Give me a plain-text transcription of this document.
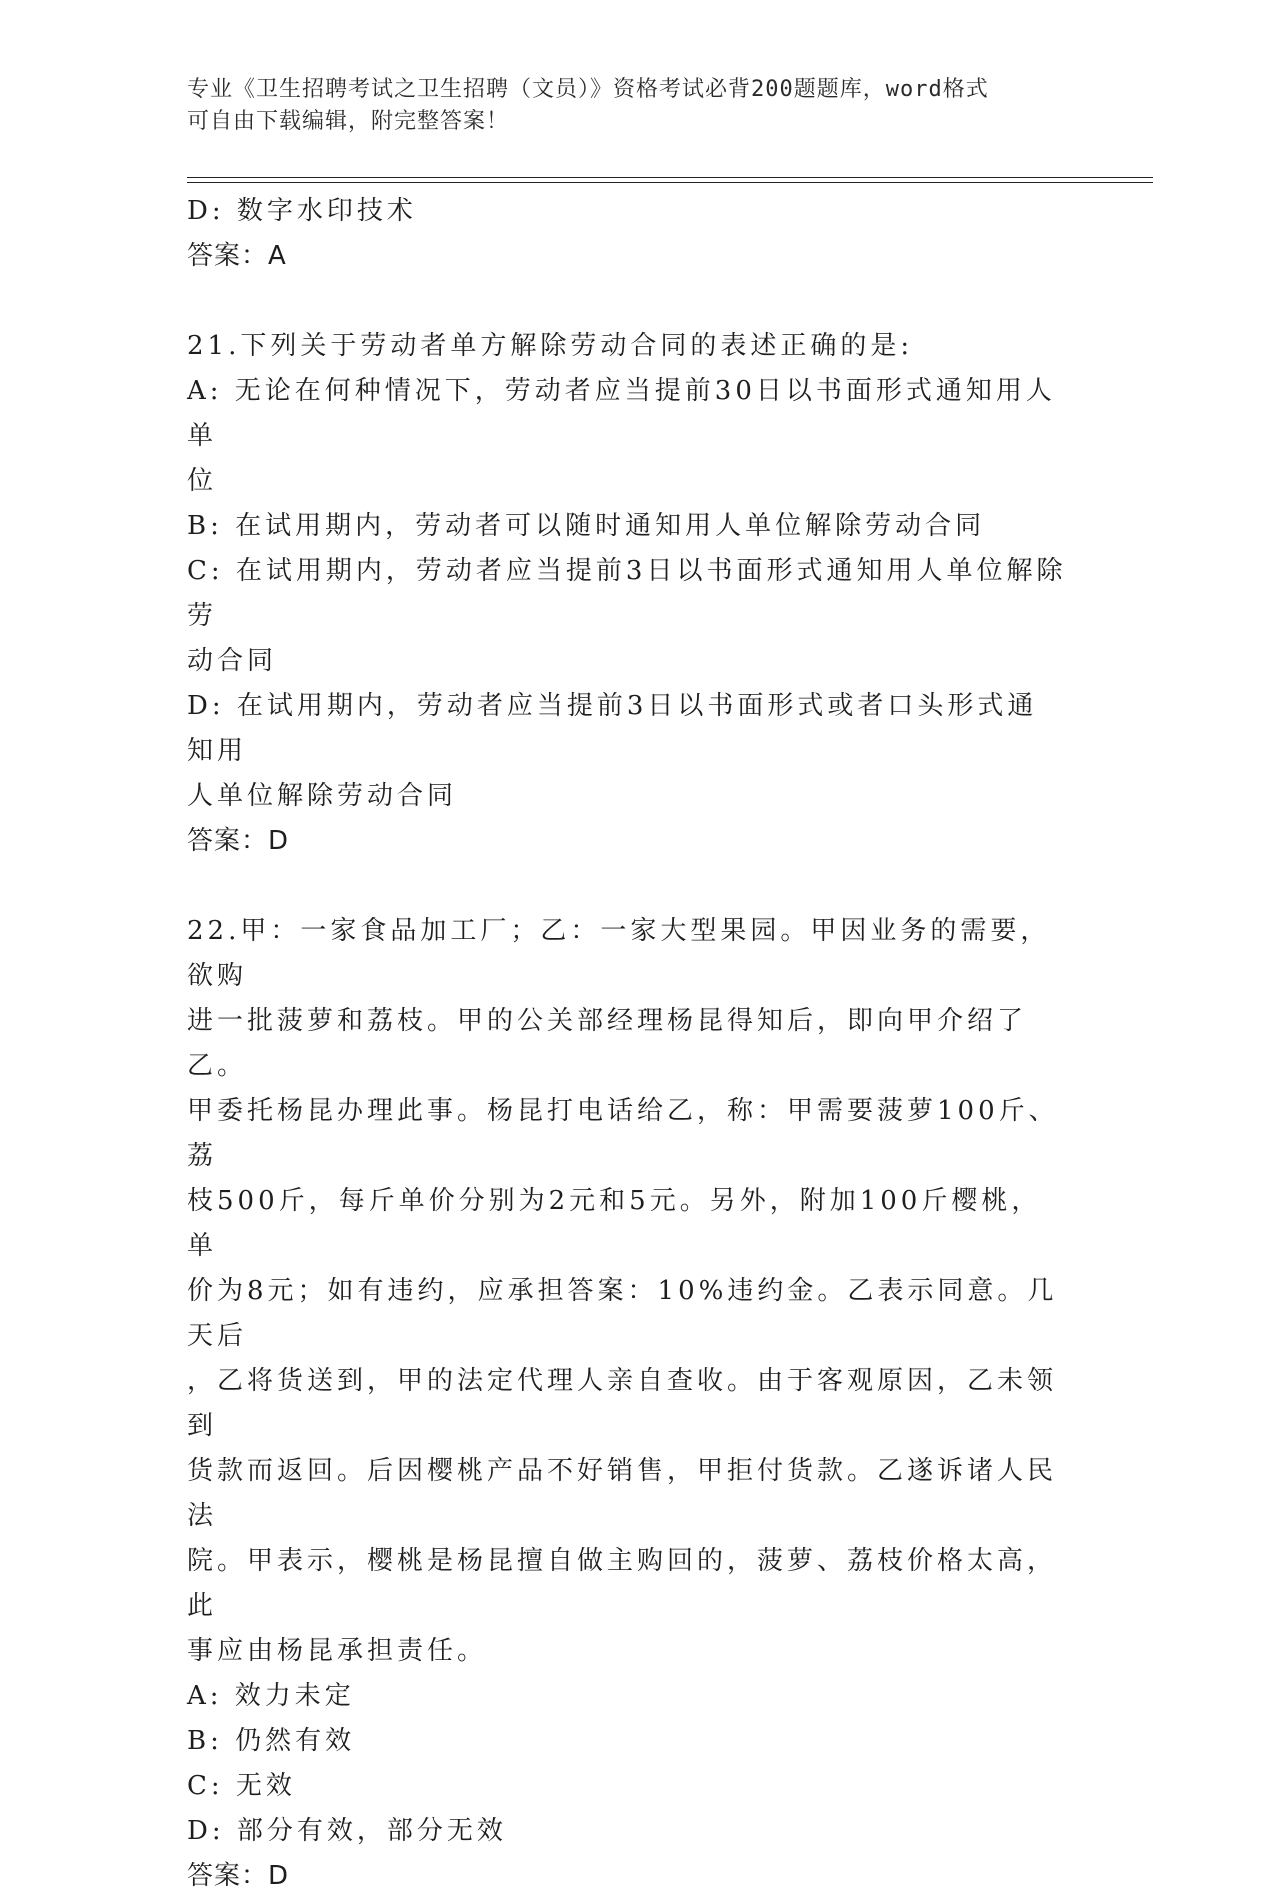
专业《卫生招聘考试之卫生招聘（文员）》资格考试必背200题题库，word格式
可自由下载编辑，附完整答案！
D: 数字水印技术
答案：A
21.下列关于劳动者单方解除劳动合同的表述正确的是:
A: 无论在何种情况下，劳动者应当提前30日以书面形式通知用人单
位
B: 在试用期内，劳动者可以随时通知用人单位解除劳动合同
C: 在试用期内，劳动者应当提前3日以书面形式通知用人单位解除劳
动合同
D: 在试用期内，劳动者应当提前3日以书面形式或者口头形式通知用
人单位解除劳动合同
答案：D
22.甲：一家食品加工厂；乙：一家大型果园。甲因业务的需要，欲购
进一批菠萝和荔枝。甲的公关部经理杨昆得知后，即向甲介绍了乙。
甲委托杨昆办理此事。杨昆打电话给乙，称：甲需要菠萝100斤、荔
枝500斤，每斤单价分别为2元和5元。另外，附加100斤樱桃，单
价为8元；如有违约，应承担答案：10%违约金。乙表示同意。几天后
，乙将货送到，甲的法定代理人亲自查收。由于客观原因，乙未领到
货款而返回。后因樱桃产品不好销售，甲拒付货款。乙遂诉诸人民法
院。甲表示，樱桃是杨昆擅自做主购回的，菠萝、荔枝价格太高，此
事应由杨昆承担责任。
A: 效力未定
B: 仍然有效
C: 无效
D: 部分有效，部分无效
答案：D
